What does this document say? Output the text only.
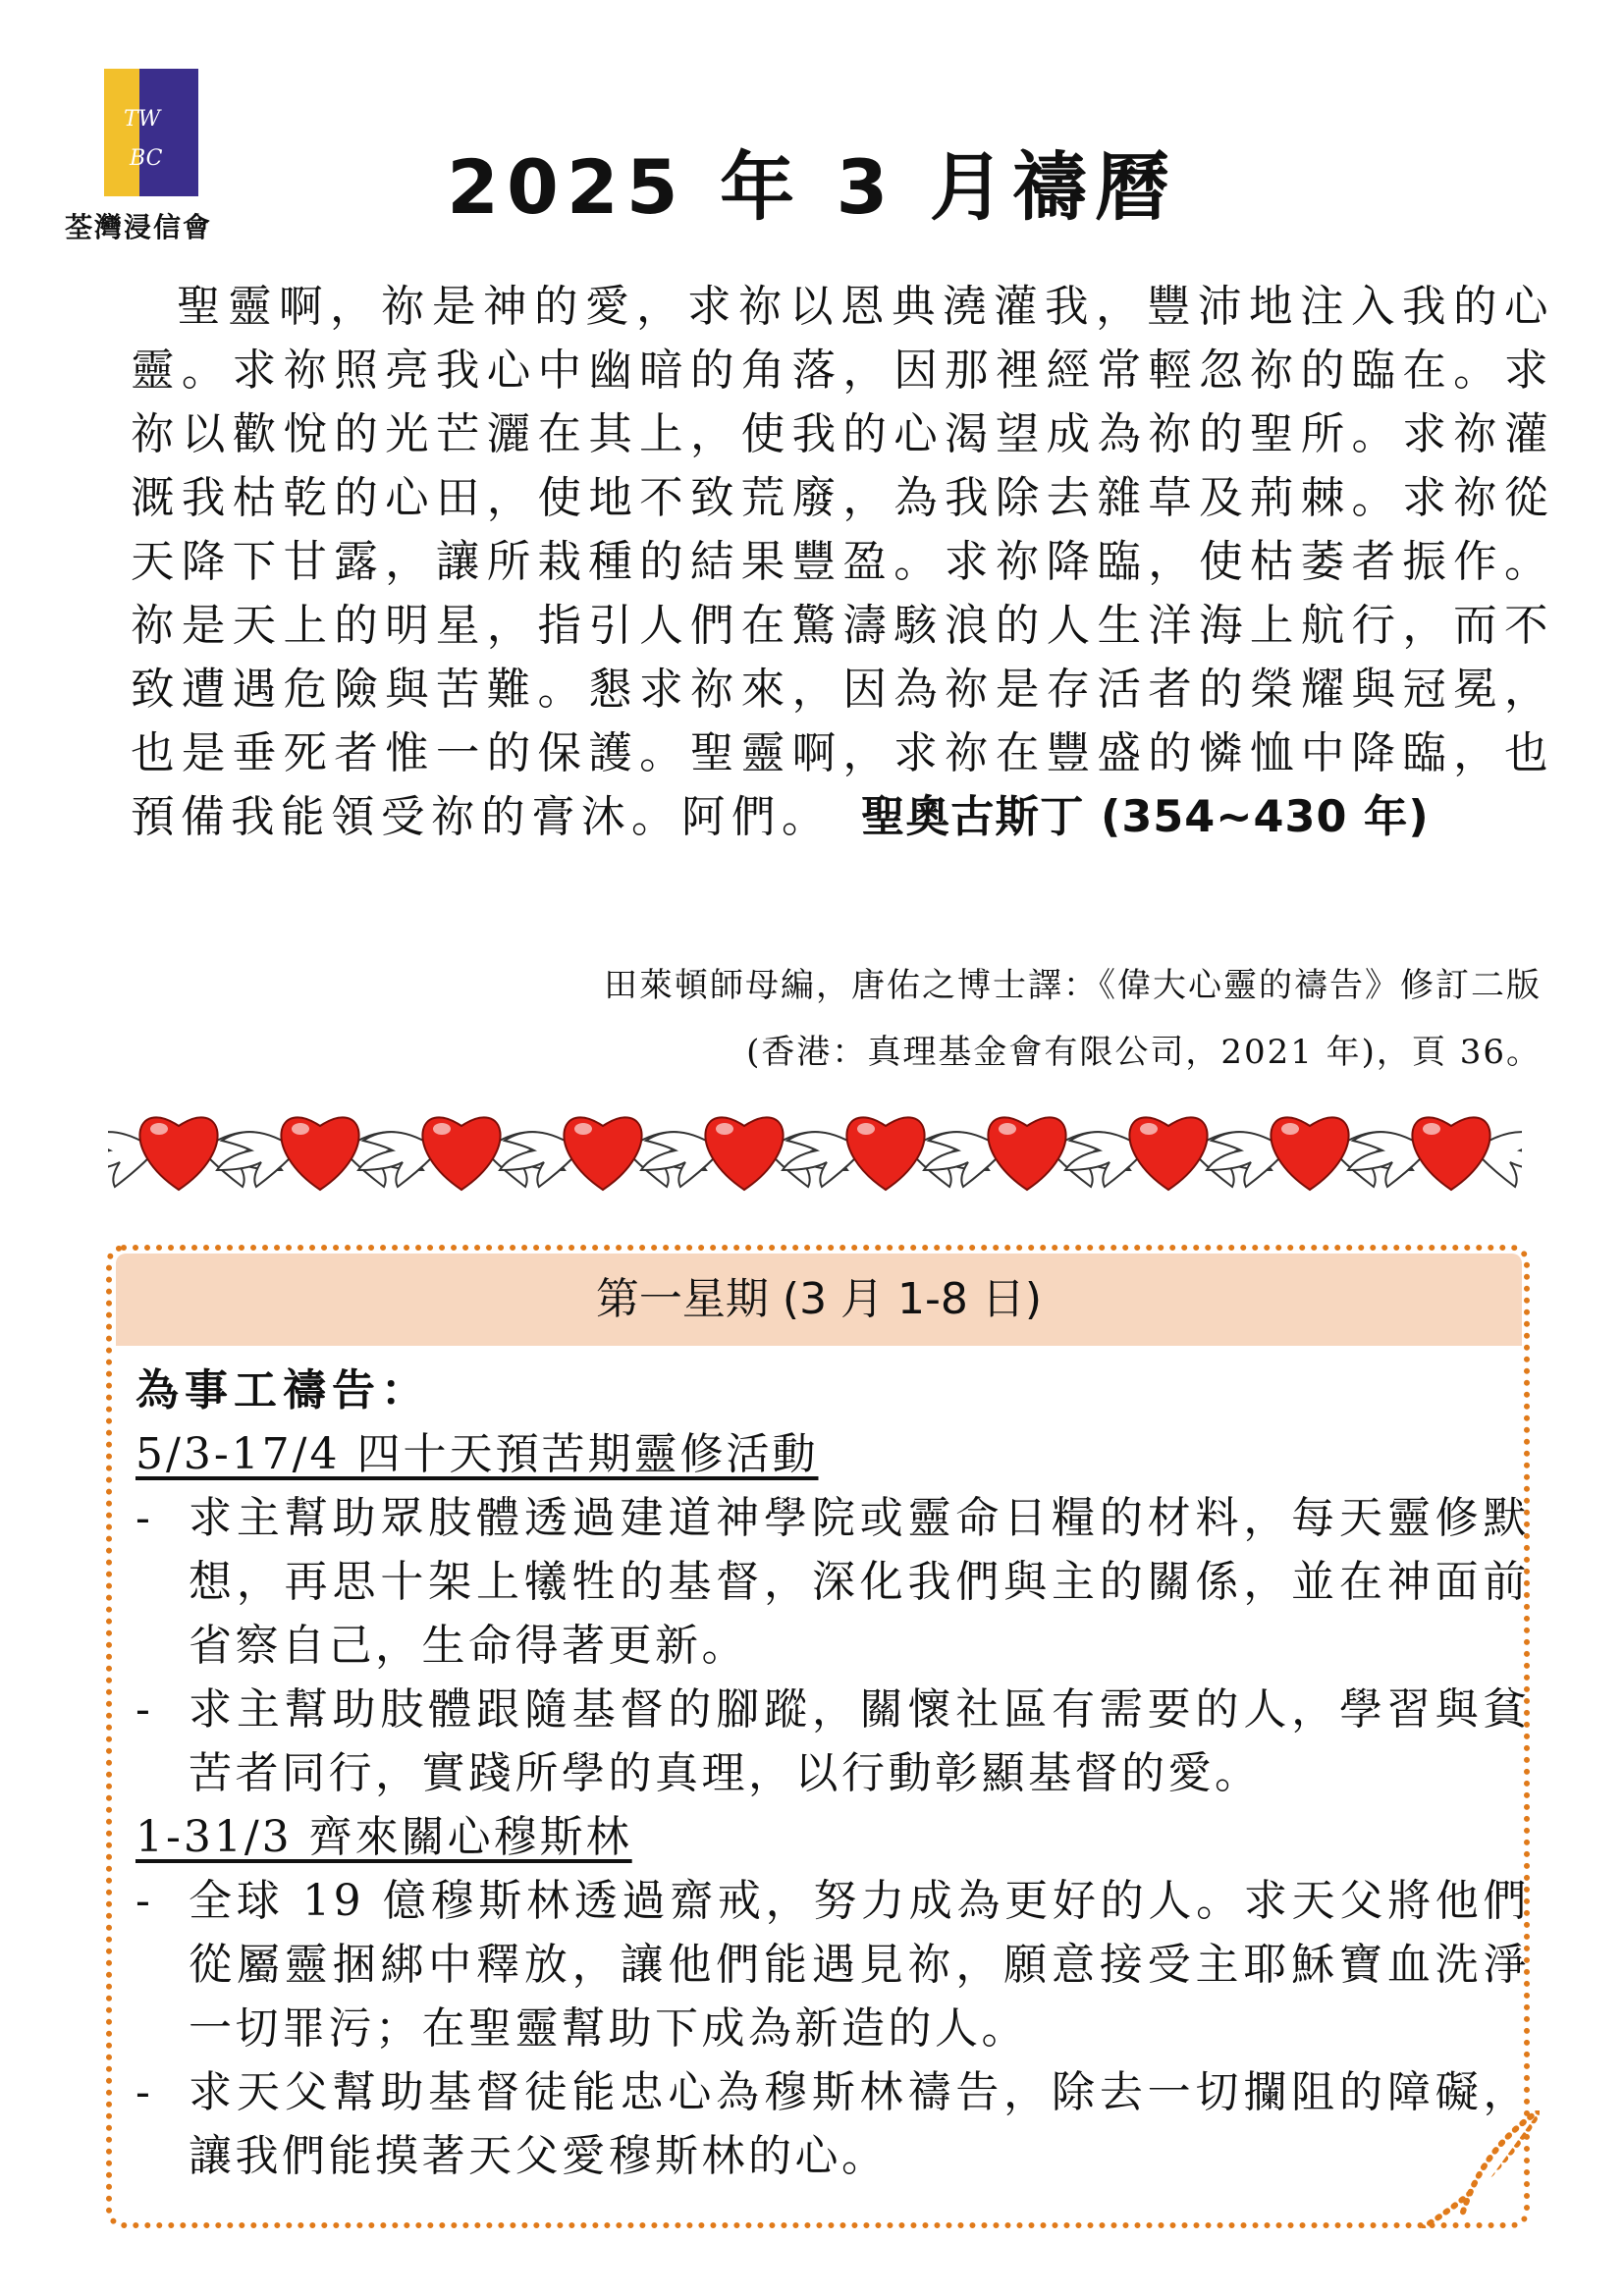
TW
BC
荃灣浸信會	2025 年 3 月禱曆
聖靈啊，祢是神的愛，求祢以恩典澆灌我，豐沛地注入我的心靈。求祢照亮我心中幽暗的角落，因那裡經常輕忽祢的臨在。求祢以歡悅的光芒灑在其上，使我的心渴望成為祢的聖所。求祢灌溉我枯乾的心田，使地不致荒廢，為我除去雜草及荊棘。求祢從天降下甘露，讓所栽種的結果豐盈。求祢降臨，使枯萎者振作。祢是天上的明星，指引人們在驚濤駭浪的人生洋海上航行，而不致遭遇危險與苦難。懇求祢來，因為祢是存活者的榮耀與冠冕，也是垂死者惟一的保護。聖靈啊，求祢在豐盛的憐恤中降臨，也預備我能領受祢的膏沐。阿們。 聖奧古斯丁 (354~430 年)
田萊頓師母編，唐佑之博士譯：《偉大心靈的禱告》修訂二版
(香港：真理基金會有限公司，2021 年)，頁 36。
第一星期 (3 月 1-8 日)
為事工禱告：
5/3-17/4 四十天預苦期靈修活動
- 求主幫助眾肢體透過建道神學院或靈命日糧的材料，每天靈修默想，再思十架上犧牲的基督，深化我們與主的關係，並在神面前省察自己，生命得著更新。
- 求主幫助肢體跟隨基督的腳蹤，關懷社區有需要的人，學習與貧苦者同行，實踐所學的真理，以行動彰顯基督的愛。
1-31/3 齊來關心穆斯林
- 全球 19 億穆斯林透過齋戒，努力成為更好的人。求天父將他們從屬靈捆綁中釋放，讓他們能遇見祢，願意接受主耶穌寶血洗淨一切罪污；在聖靈幫助下成為新造的人。
- 求天父幫助基督徒能忠心為穆斯林禱告，除去一切攔阻的障礙，讓我們能摸著天父愛穆斯林的心。
